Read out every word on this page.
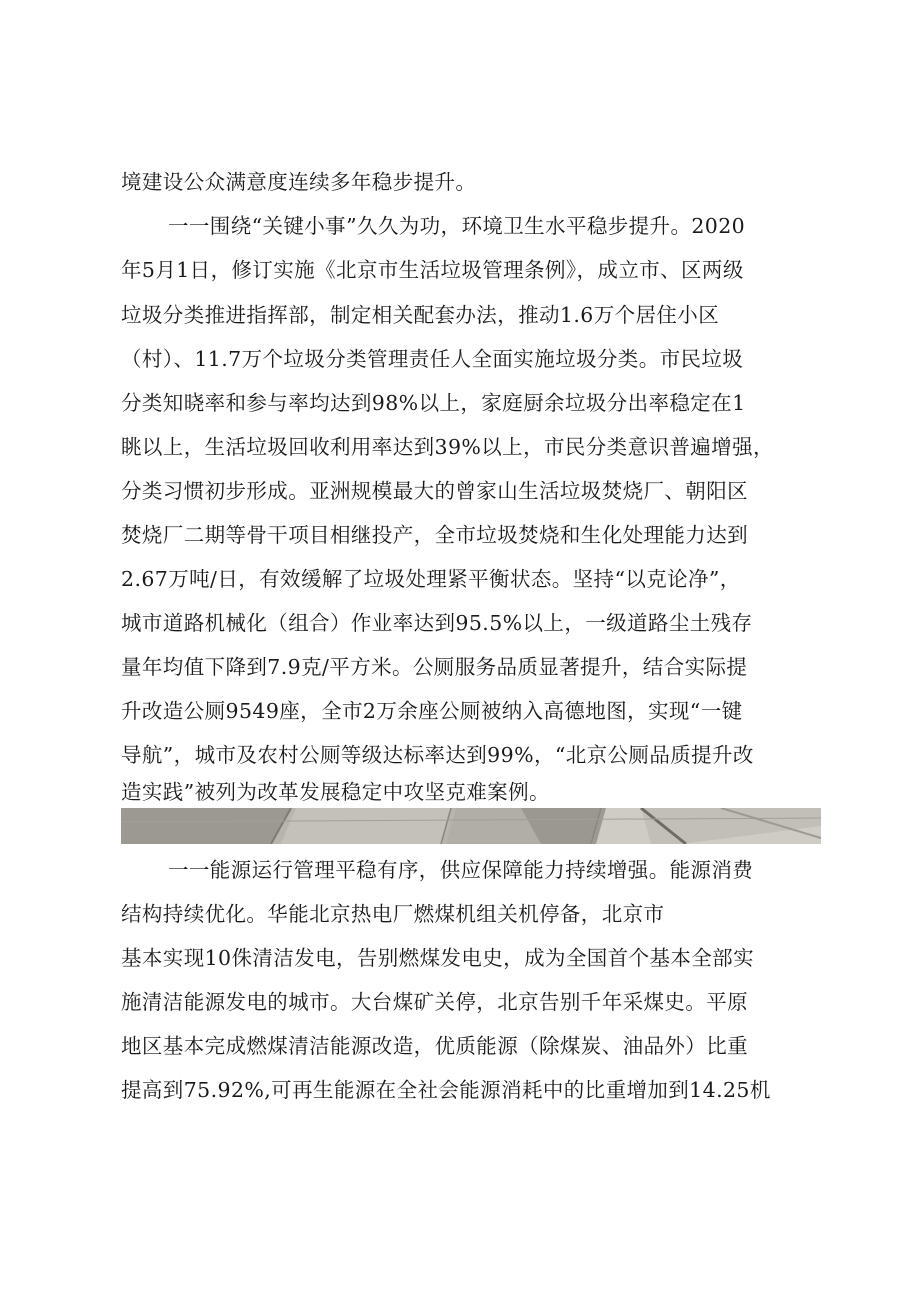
境建设公众满意度连续多年稳步提升。
一一围绕“关键小事”久久为功，环境卫生水平稳步提升。2020
年5月1日，修订实施《北京市生活垃圾管理条例》，成立市、区两级
垃圾分类推进指挥部，制定相关配套办法，推动1.6万个居住小区
（村）、11.7万个垃圾分类管理责任人全面实施垃圾分类。市民垃圾
分类知晓率和参与率均达到98%以上，家庭厨余垃圾分出率稳定在1
眺以上，生活垃圾回收利用率达到39%以上，市民分类意识普遍增强，
分类习惯初步形成。亚洲规模最大的曾家山生活垃圾焚烧厂、朝阳区
焚烧厂二期等骨干项目相继投产，全市垃圾焚烧和生化处理能力达到
2.67万吨/日，有效缓解了垃圾处理紧平衡状态。坚持“以克论净”，
城市道路机械化（组合）作业率达到95.5%以上，一级道路尘土残存
量年均值下降到7.9克/平方米。公厕服务品质显著提升，结合实际提
升改造公厕9549座，全市2万余座公厕被纳入高德地图，实现“一键
导航”，城市及农村公厕等级达标率达到99%，“北京公厕品质提升改
造实践”被列为改革发展稳定中攻坚克难案例。
一一能源运行管理平稳有序，供应保障能力持续增强。能源消费
结构持续优化。华能北京热电厂燃煤机组关机停备，北京市
基本实现10侏清洁发电，告别燃煤发电史，成为全国首个基本全部实
施清洁能源发电的城市。大台煤矿关停，北京告别千年采煤史。平原
地区基本完成燃煤清洁能源改造，优质能源（除煤炭、油品外）比重
提高到75.92%,可再生能源在全社会能源消耗中的比重增加到14.25机
